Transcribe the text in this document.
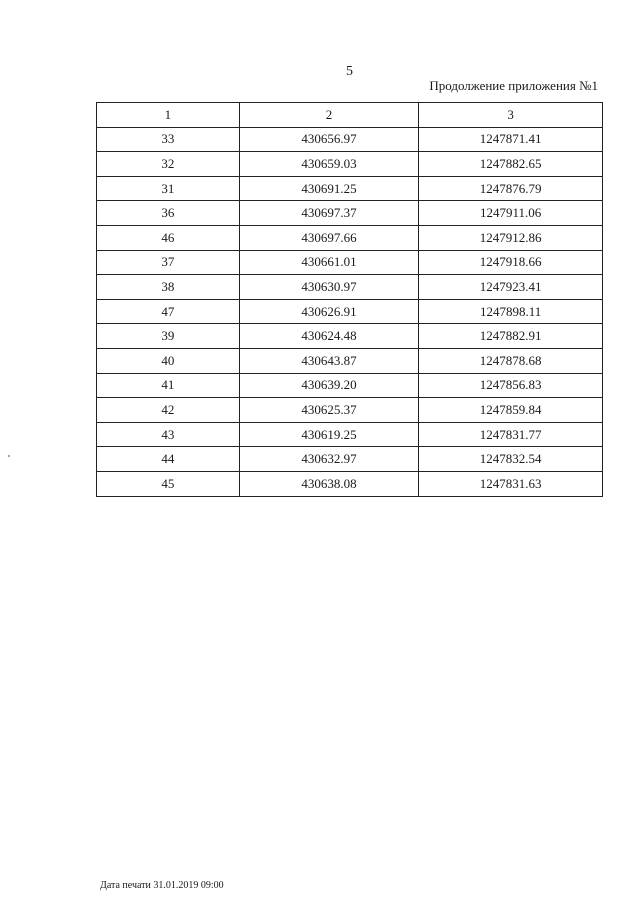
5
Продолжение приложения №1
1	2	3
33	430656.97	1247871.41
32	430659.03	1247882.65
31	430691.25	1247876.79
36	430697.37	1247911.06
46	430697.66	1247912.86
37	430661.01	1247918.66
38	430630.97	1247923.41
47	430626.91	1247898.11
39	430624.48	1247882.91
40	430643.87	1247878.68
41	430639.20	1247856.83
42	430625.37	1247859.84
43	430619.25	1247831.77
44	430632.97	1247832.54
45	430638.08	1247831.63
Дата печати 31.01.2019 09:00
